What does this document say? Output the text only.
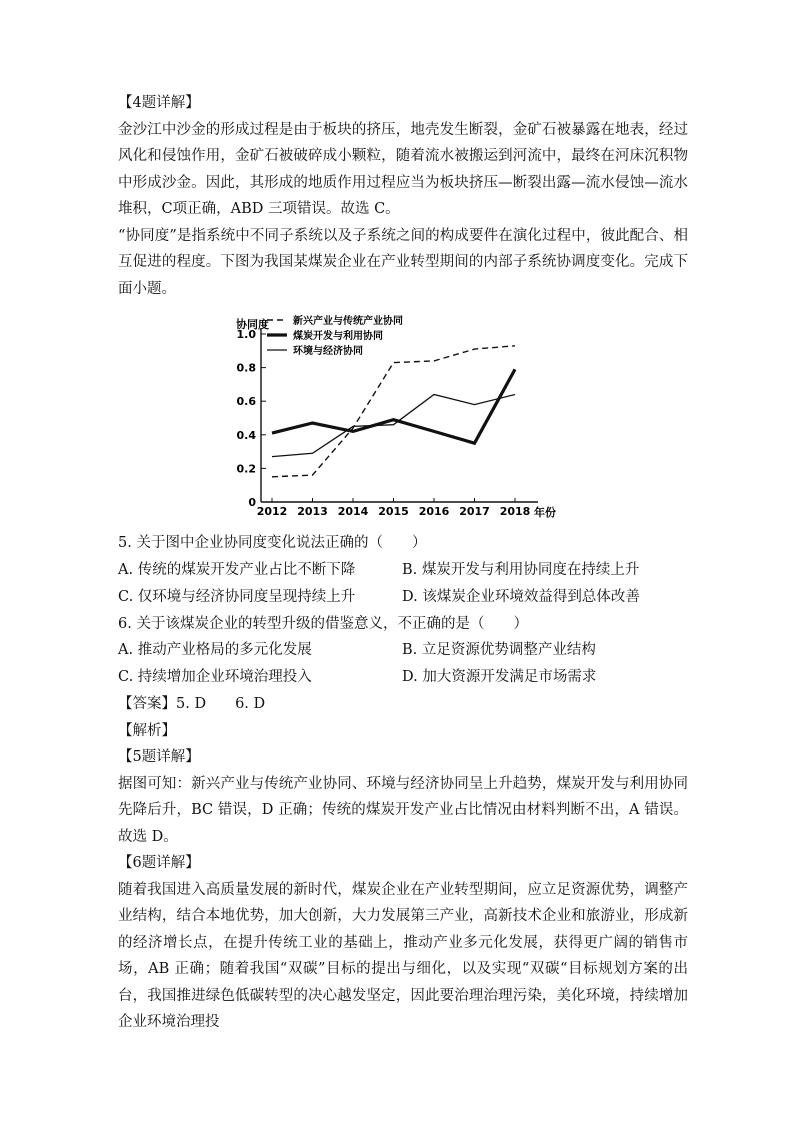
【4题详解】

金沙江中沙金的形成过程是由于板块的挤压，地壳发生断裂，金矿石被暴露在地表，经过风化和侵蚀作用，金矿石被破碎成小颗粒，随着流水被搬运到河流中，最终在河床沉积物中形成沙金。因此，其形成的地质作用过程应当为板块挤压—断裂出露—流水侵蚀—流水堆积，C项正确，ABD 三项错误。故选 C。

“协同度”是指系统中不同子系统以及子系统之间的构成要件在演化过程中，彼此配合、相互促进的程度。下图为我国某煤炭企业在产业转型期间的内部子系统协调度变化。完成下面小题。

协同度
年份
0
0.2
0.4
0.6
0.8
1.0
2012 2013 2014 2015 2016 2017 2018
新兴产业与传统产业协同
煤炭开发与利用协同
环境与经济协同

5. 关于图中企业协同度变化说法正确的（　　）

A. 传统的煤炭开发产业占比不断下降	B. 煤炭开发与利用协同度在持续上升
C. 仅环境与经济协同度呈现持续上升	D. 该煤炭企业环境效益得到总体改善

6. 关于该煤炭企业的转型升级的借鉴意义，不正确的是（　　）

A. 推动产业格局的多元化发展	B. 立足资源优势调整产业结构
C. 持续增加企业环境治理投入	D. 加大资源开发满足市场需求

【答案】5. D　　6. D

【解析】

【5题详解】

据图可知：新兴产业与传统产业协同、环境与经济协同呈上升趋势，煤炭开发与利用协同先降后升，BC 错误，D 正确；传统的煤炭开发产业占比情况由材料判断不出，A 错误。故选 D。

【6题详解】

随着我国进入高质量发展的新时代，煤炭企业在产业转型期间，应立足资源优势，调整产业结构，结合本地优势，加大创新，大力发展第三产业，高新技术企业和旅游业，形成新的经济增长点，在提升传统工业的基础上，推动产业多元化发展，获得更广阔的销售市场，AB 正确；随着我国“双碳”目标的提出与细化，以及实现“双碳“目标规划方案的出台，我国推进绿色低碳转型的决心越发坚定，因此要治理治理污染，美化环境，持续增加企业环境治理投
